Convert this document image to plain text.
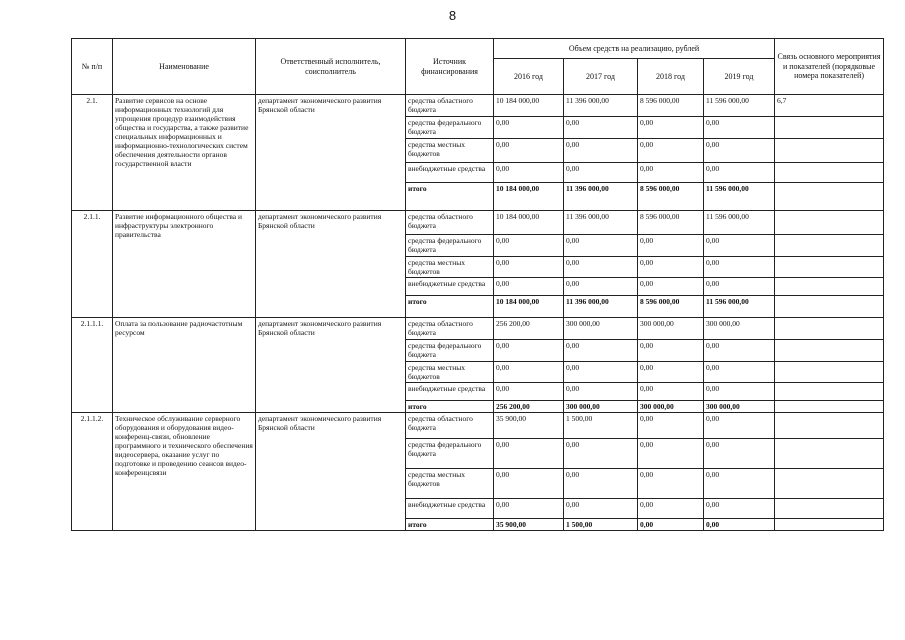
8
№ п/п	Наименование	Ответственный исполнитель, соисполнитель	Источник финансирования	Объем средств на реализацию, рублей				Связь основного мероприятия и показателей (порядковые номера показателей)
				2016 год	2017 год	2018 год	2019 год	
2.1.	Развитие сервисов на основе информационных технологий для упрощения процедур взаимодействия общества и государства, а также развитие специальных информационных и информационно-технологических систем обеспечения деятельности органов государственной власти	департамент экономического развития Брянской области	средства областного бюджета	10 184 000,00	11 396 000,00	8 596 000,00	11 596 000,00	6,7
			средства федерального бюджета	0,00	0,00	0,00	0,00	
			средства местных бюджетов	0,00	0,00	0,00	0,00	
			внебюджетные средства	0,00	0,00	0,00	0,00	
			итого	10 184 000,00	11 396 000,00	8 596 000,00	11 596 000,00	
2.1.1.	Развитие информационного общества и инфраструктуры электронного правительства	департамент экономического развития Брянской области	средства областного бюджета	10 184 000,00	11 396 000,00	8 596 000,00	11 596 000,00	
			средства федерального бюджета	0,00	0,00	0,00	0,00	
			средства местных бюджетов	0,00	0,00	0,00	0,00	
			внебюджетные средства	0,00	0,00	0,00	0,00	
			итого	10 184 000,00	11 396 000,00	8 596 000,00	11 596 000,00	
2.1.1.1.	Оплата за пользование радиочастотным ресурсом	департамент экономического развития Брянской области	средства областного бюджета	256 200,00	300 000,00	300 000,00	300 000,00	
			средства федерального бюджета	0,00	0,00	0,00	0,00	
			средства местных бюджетов	0,00	0,00	0,00	0,00	
			внебюджетные средства	0,00	0,00	0,00	0,00	
			итого	256 200,00	300 000,00	300 000,00	300 000,00	
2.1.1.2.	Техническое обслуживание серверного оборудования и оборудования видео-конференц-связи, обновление программного и технического обеспечения видеосервера, оказание услуг по подготовке и проведению сеансов видео-конференцсвязи	департамент экономического развития Брянской области	средства областного бюджета	35 900,00	1 500,00	0,00	0,00	
			средства федерального бюджета	0,00	0,00	0,00	0,00	
			средства местных бюджетов	0,00	0,00	0,00	0,00	
			внебюджетные средства	0,00	0,00	0,00	0,00	
			итого	35 900,00	1 500,00	0,00	0,00	
